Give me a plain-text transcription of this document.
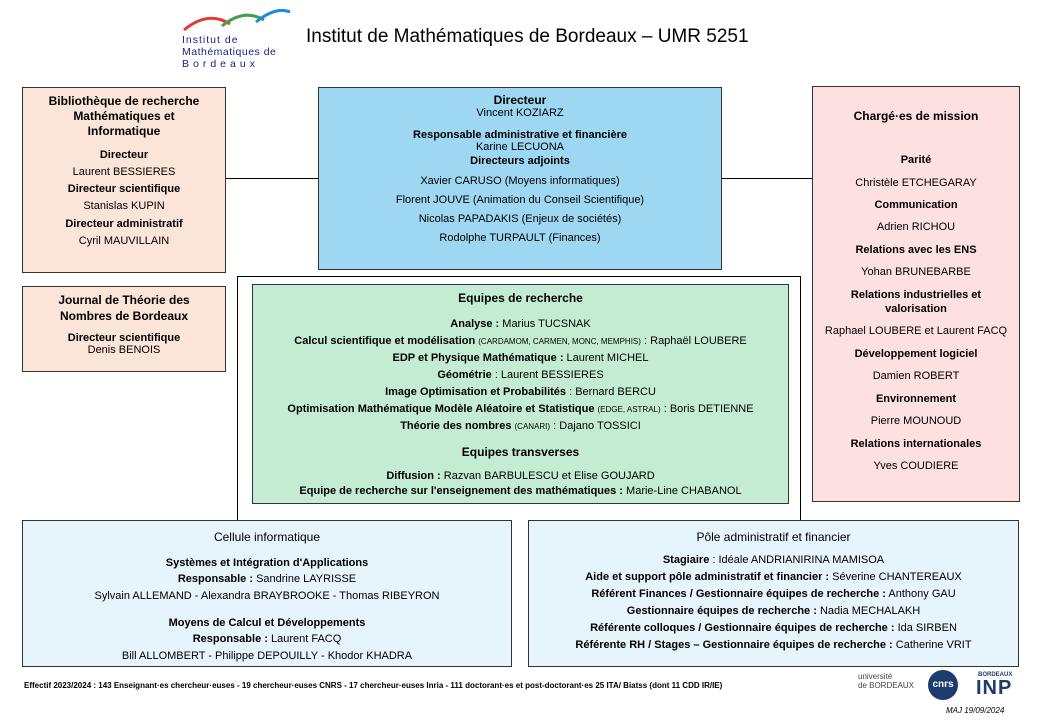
Institut de
Mathématiques de
Bordeaux
Institut de Mathématiques de Bordeaux – UMR 5251
Bibliothèque de recherche
Mathématiques et
Informatique
Directeur
Laurent BESSIERES
Directeur scientifique
Stanislas KUPIN
Directeur administratif
Cyril MAUVILLAIN
Journal de Théorie des
Nombres de Bordeaux
Directeur scientifique
Denis BENOIS
Directeur
Vincent KOZIARZ
Responsable administrative et financière
Karine LECUONA
Directeurs adjoints
Xavier CARUSO (Moyens informatiques)
Florent JOUVE (Animation du Conseil Scientifique)
Nicolas PAPADAKIS (Enjeux de sociétés)
Rodolphe TURPAULT (Finances)
Chargé·es de mission
Parité
Christèle ETCHEGARAY
Communication
Adrien RICHOU
Relations avec les ENS
Yohan BRUNEBARBE
Relations industrielles et
valorisation
Raphael LOUBERE et Laurent FACQ
Développement logiciel
Damien ROBERT
Environnement
Pierre MOUNOUD
Relations internationales
Yves COUDIERE
Equipes de recherche
Analyse : Marius TUCSNAK
Calcul scientifique et modélisation (CARDAMOM, CARMEN, MONC, MEMPHIS) : Raphaël LOUBERE
EDP et Physique Mathématique : Laurent MICHEL
Géométrie : Laurent BESSIERES
Image Optimisation et Probabilités : Bernard BERCU
Optimisation Mathématique Modèle Aléatoire et Statistique (EDGE, ASTRAL) : Boris DETIENNE
Théorie des nombres (CANARI) : Dajano TOSSICI
Equipes transverses
Diffusion : Razvan BARBULESCU et Elise GOUJARD
Equipe de recherche sur l'enseignement des mathématiques : Marie-Line CHABANOL
Cellule informatique
Systèmes et Intégration d'Applications
Responsable : Sandrine LAYRISSE
Sylvain ALLEMAND - Alexandra BRAYBROOKE - Thomas RIBEYRON
Moyens de Calcul et Développements
Responsable : Laurent FACQ
Bill ALLOMBERT - Philippe DEPOUILLY - Khodor KHADRA
Pôle administratif et financier
Stagiaire : Idéale ANDRIANIRINA MAMISOA
Aide et support pôle administratif et financier : Séverine CHANTEREAUX
Référent Finances / Gestionnaire équipes de recherche : Anthony GAU
Gestionnaire équipes de recherche : Nadia MECHALAKH
Référente colloques / Gestionnaire équipes de recherche : Ida SIRBEN
Référente RH / Stages – Gestionnaire équipes de recherche : Catherine VRIT
Effectif 2023/2024 : 143 Enseignant·es chercheur·euses - 19 chercheur·euses CNRS - 17 chercheur·euses Inria - 111 doctorant·es et post-doctorant·es 25 ITA/ Biatss (dont 11 CDD IR/IE)
MAJ 19/09/2024
université
de BORDEAUX	cnrs
BORDEAUX
INP
